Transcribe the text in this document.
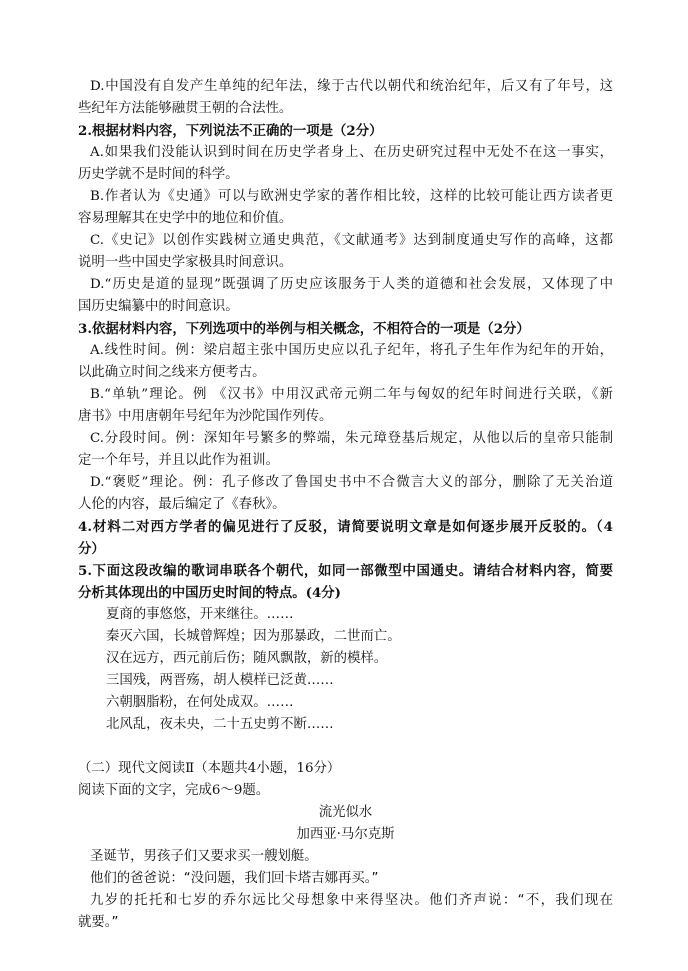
D.中国没有自发产生单纯的纪年法，缘于古代以朝代和统治纪年，后又有了年号，这
些纪年方法能够融贯王朝的合法性。
2.根据材料内容，下列说法不正确的一项是（2分）
A.如果我们没能认识到时间在历史学者身上、在历史研究过程中无处不在这一事实，
历史学就不是时间的科学。
B.作者认为《史通》可以与欧洲史学家的著作相比较，这样的比较可能让西方读者更
容易理解其在史学中的地位和价值。
C.《史记》以创作实践树立通史典范，《文献通考》达到制度通史写作的高峰，这都
说明一些中国史学家极具时间意识。
D.“历史是道的显现”既强调了历史应该服务于人类的道德和社会发展，又体现了中
国历史编纂中的时间意识。
3.依据材料内容，下列选项中的举例与相关概念，不相符合的一项是（2分）
A.线性时间。例：梁启超主张中国历史应以孔子纪年，将孔子生年作为纪年的开始，
以此确立时间之线来方便考古。
B.“单轨”理论。例 《汉书》中用汉武帝元朔二年与匈奴的纪年时间进行关联，《新
唐书》中用唐朝年号纪年为沙陀国作列传。
C.分段时间。例：深知年号繁多的弊端，朱元璋登基后规定，从他以后的皇帝只能制
定一个年号，并且以此作为祖训。
D.“褒贬”理论。例：孔子修改了鲁国史书中不合微言大义的部分，删除了无关治道
人伦的内容，最后编定了《春秋》。
4.材料二对西方学者的偏见进行了反驳，请简要说明文章是如何逐步展开反驳的。（4
分）
5.下面这段改编的歌词串联各个朝代，如同一部微型中国通史。请结合材料内容，简要
分析其体现出的中国历史时间的特点。(4分)
夏商的事悠悠，开来继往。……
秦灭六国，长城曾辉煌；因为那暴政，二世而亡。
汉在远方，西元前后伤；随风飘散，新的模样。
三国残，两晋殇，胡人模样已泛黄……
六朝胭脂粉，在何处成双。……
北风乱，夜未央，二十五史剪不断……
（二）现代文阅读Ⅱ（本题共4小题，16分）
阅读下面的文字，完成6～9题。
流光似水
加西亚·马尔克斯
圣诞节，男孩子们又要求买一艘划艇。
他们的爸爸说：“没问题，我们回卡塔吉娜再买。”
九岁的托托和七岁的乔尔远比父母想象中来得坚决。他们齐声说：“不，我们现在
就要。”
